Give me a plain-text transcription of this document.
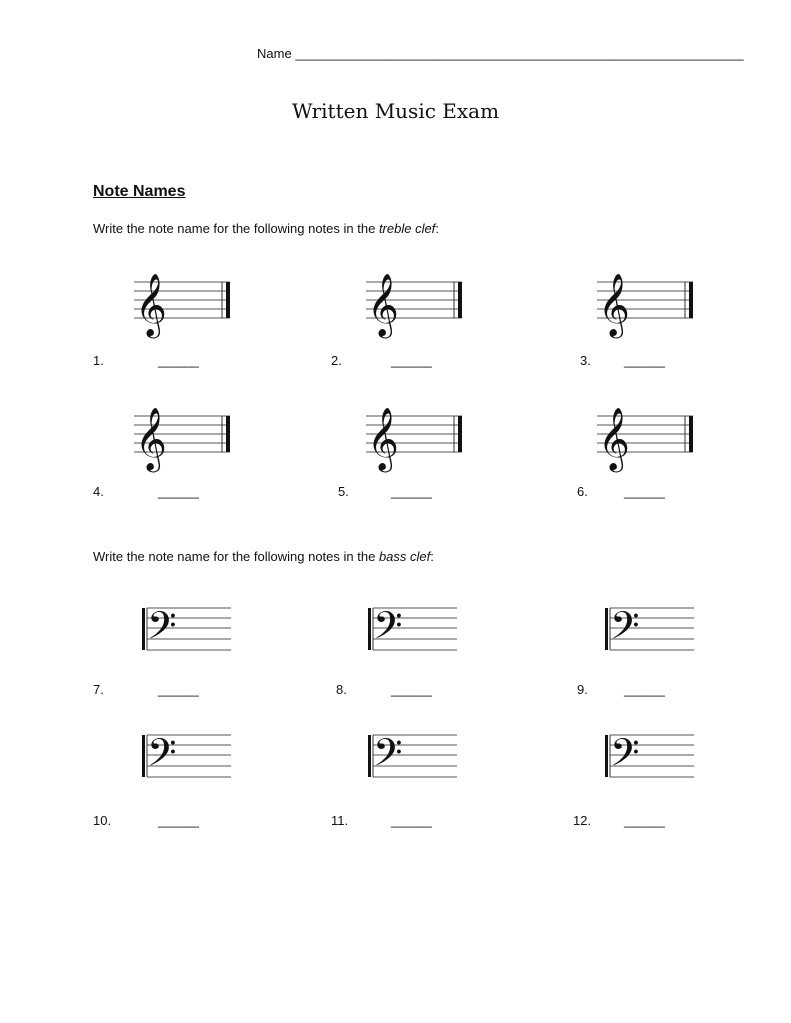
Name ______________________________________________________________
Written Music Exam
Note Names
Write the note name for the following notes in the treble clef:
Write the note name for the following notes in the bass clef:
𝄞	𝄞	𝄞
𝄞	𝄞	𝄞
𝄢	𝄢	𝄢
𝄢	𝄢	𝄢
1.	______	2.	______	3.	______
4.	______	5.	______	6.	______
7.	______	8.	______	9.	______
10.	______	11.	______	12.	______
